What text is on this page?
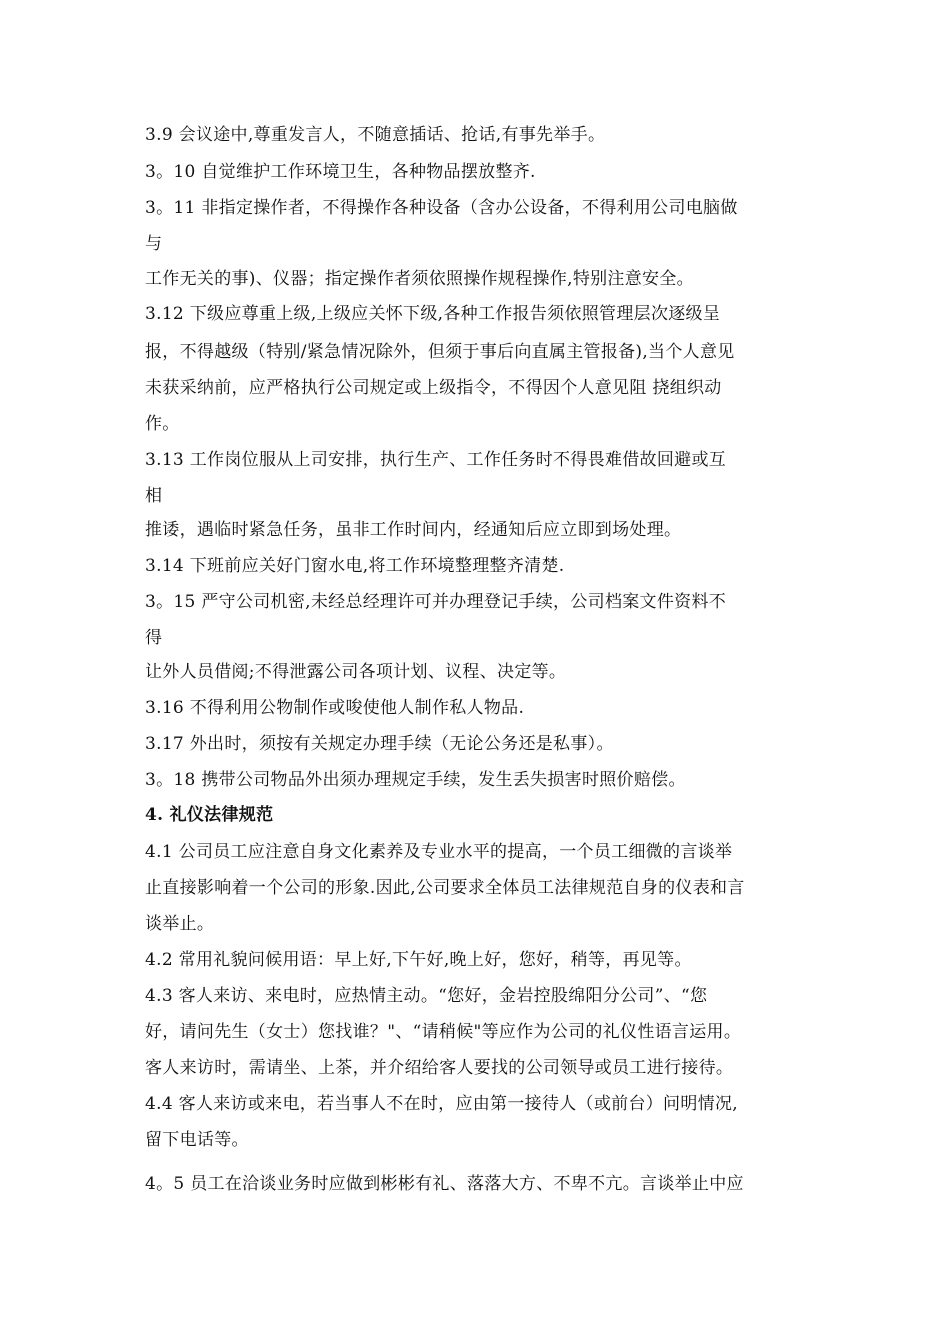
3.9 会议途中,尊重发言人，不随意插话、抢话,有事先举手。
3。10 自觉维护工作环境卫生，各种物品摆放整齐.
3。11 非指定操作者，不得操作各种设备（含办公设备，不得利用公司电脑做
与
工作无关的事)、仪器；指定操作者须依照操作规程操作,特别注意安全。
3.12 下级应尊重上级,上级应关怀下级,各种工作报告须依照管理层次逐级呈
报，不得越级（特别/紧急情况除外，但须于事后向直属主管报备),当个人意见
未获采纳前，应严格执行公司规定或上级指令，不得因个人意见阻 挠组织动
作。
3.13 工作岗位服从上司安排，执行生产、工作任务时不得畏难借故回避或互
相
推诿，遇临时紧急任务，虽非工作时间内，经通知后应立即到场处理。
3.14 下班前应关好门窗水电,将工作环境整理整齐清楚.
3。15 严守公司机密,未经总经理许可并办理登记手续，公司档案文件资料不
得
让外人员借阅;不得泄露公司各项计划、议程、决定等。
3.16 不得利用公物制作或唆使他人制作私人物品.
3.17 外出时，须按有关规定办理手续（无论公务还是私事）。
3。18 携带公司物品外出须办理规定手续，发生丢失损害时照价赔偿。
4. 礼仪法律规范
4.1 公司员工应注意自身文化素养及专业水平的提高，一个员工细微的言谈举
止直接影响着一个公司的形象.因此,公司要求全体员工法律规范自身的仪表和言
谈举止。
4.2 常用礼貌问候用语：早上好,下午好,晚上好，您好，稍等，再见等。
4.3 客人来访、来电时，应热情主动。“您好，金岩控股绵阳分公司”、“您
好，请问先生（女士）您找谁？"、“请稍候"等应作为公司的礼仪性语言运用。
客人来访时，需请坐、上茶，并介绍给客人要找的公司领导或员工进行接待。
4.4 客人来访或来电，若当事人不在时，应由第一接待人（或前台）问明情况,
留下电话等。
4。5 员工在洽谈业务时应做到彬彬有礼、落落大方、不卑不亢。言谈举止中应
